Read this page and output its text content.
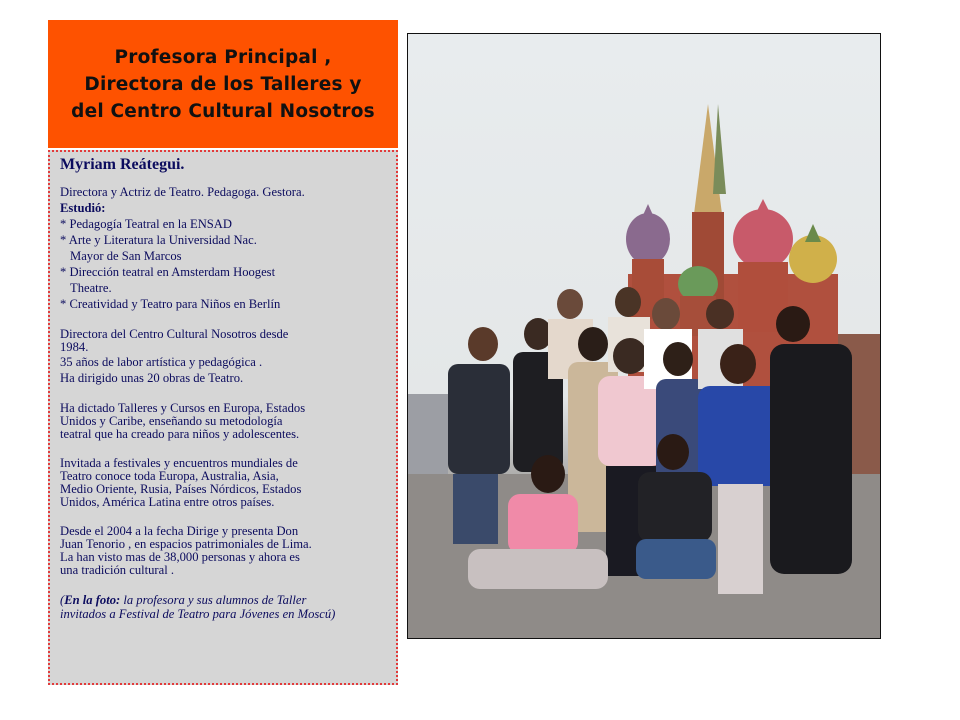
Profesora Principal ,
Directora de los Talleres y
del Centro Cultural Nosotros

Myriam Reátegui.

Directora y Actriz de Teatro. Pedagoga. Gestora.

Estudió:

* Pedagogía Teatral en la ENSAD

* Arte y Literatura la Universidad Nac.

Mayor de San Marcos

* Dirección teatral en Amsterdam Hoogest

Theatre.

* Creatividad y Teatro para Niños en Berlín

Directora del Centro Cultural Nosotros desde

1984.

35 años de labor artística y pedagógica .

Ha dirigido unas 20 obras de Teatro.

Ha dictado Talleres y Cursos en Europa, Estados

Unidos y Caribe, enseñando su metodología

teatral que ha creado para niños y adolescentes.

Invitada a festivales y encuentros mundiales de

Teatro conoce toda Europa, Australia, Asia,

Medio Oriente, Rusia, Países Nórdicos, Estados

Unidos, América Latina entre otros países.

Desde el 2004 a la fecha Dirige y presenta Don

Juan Tenorio , en espacios patrimoniales de Lima.

La han visto mas de 38,000 personas y ahora es

una tradición cultural .

(En la foto: la profesora y sus alumnos de Taller

invitados a Festival de Teatro para Jóvenes en Moscú)
